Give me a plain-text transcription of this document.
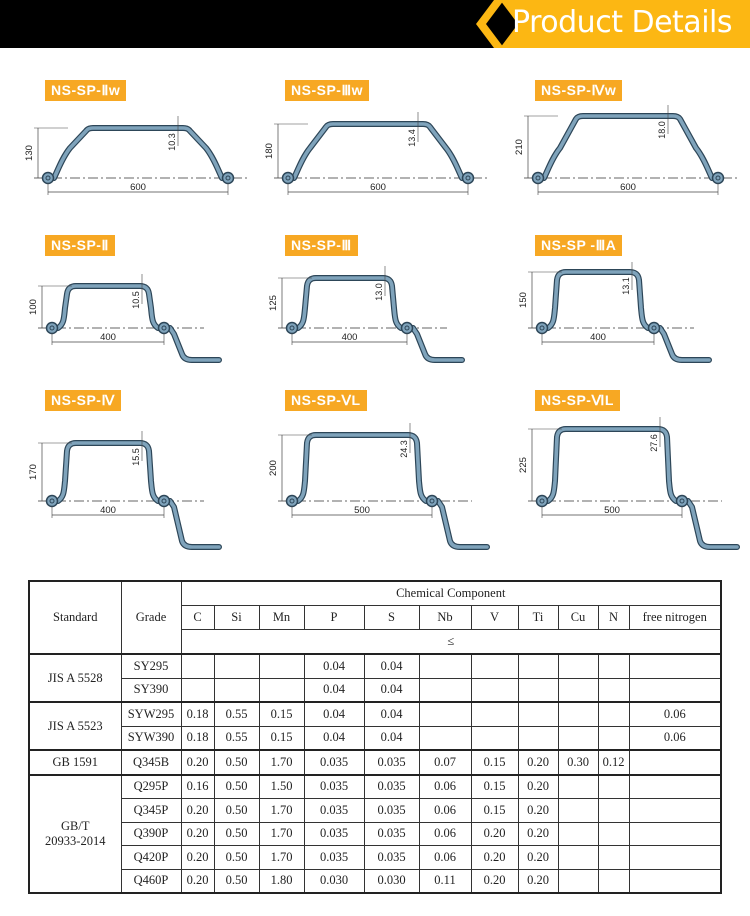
Product Details
NS-SP-Ⅱw
130
600
10.3
NS-SP-Ⅲw
180
600
13.4
NS-SP-Ⅳw
210
600
18.0
NS-SP-Ⅱ
100
400
10.5
NS-SP-Ⅲ
125
400
13.0
NS-SP -ⅢA
150
400
13.1
NS-SP-Ⅳ
170
400
15.5
NS-SP-ⅤL
200
500
24.3
NS-SP-ⅥL
225
500
27.6
Standard	Grade	Chemical Component										
		C	Si	Mn	P	S	Nb	V	Ti	Cu	N	free nitrogen
		≤										
JIS A 5528	SY295				0.04	0.04						
	SY390				0.04	0.04						
JIS A 5523	SYW295	0.18	0.55	0.15	0.04	0.04						0.06
	SYW390	0.18	0.55	0.15	0.04	0.04						0.06
GB 1591	Q345B	0.20	0.50	1.70	0.035	0.035	0.07	0.15	0.20	0.30	0.12	
GB/T
20933-2014	Q295P	0.16	0.50	1.50	0.035	0.035	0.06	0.15	0.20			
	Q345P	0.20	0.50	1.70	0.035	0.035	0.06	0.15	0.20			
	Q390P	0.20	0.50	1.70	0.035	0.035	0.06	0.20	0.20			
	Q420P	0.20	0.50	1.70	0.035	0.035	0.06	0.20	0.20			
	Q460P	0.20	0.50	1.80	0.030	0.030	0.11	0.20	0.20			
